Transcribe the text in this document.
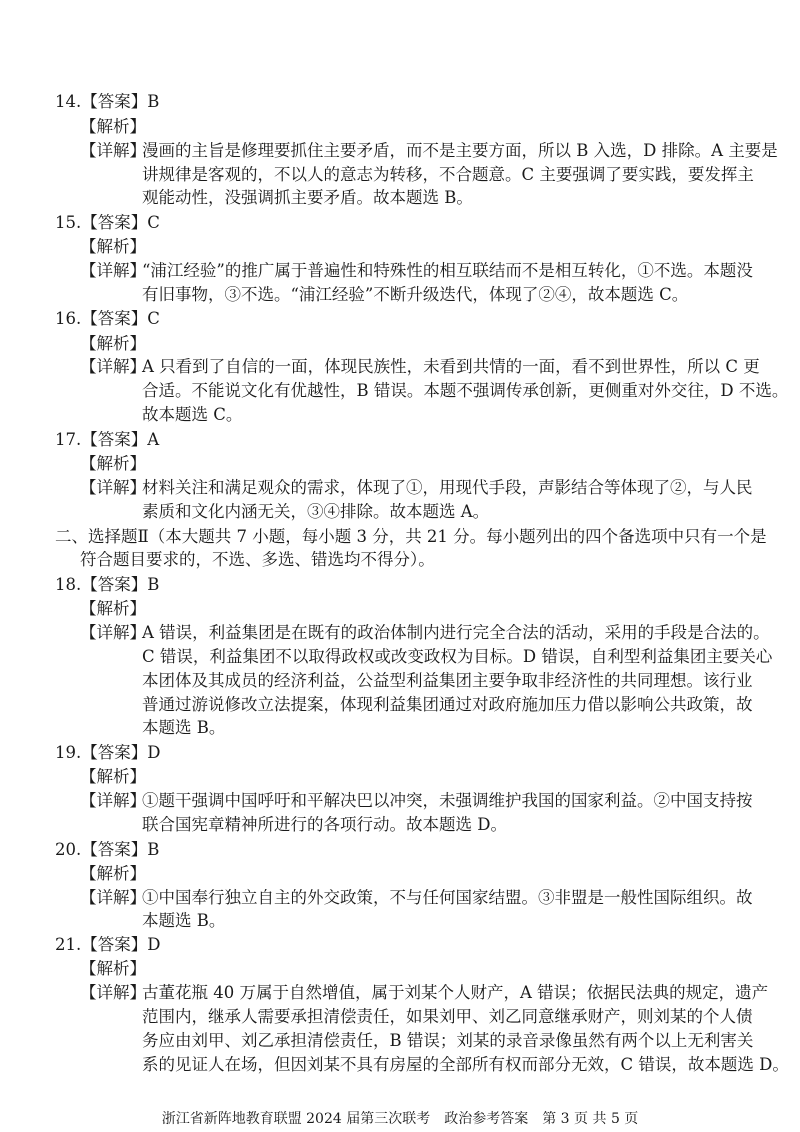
14.【答案】B
【解析】
【详解】
漫画的主旨是修理要抓住主要矛盾，而不是主要方面，所以 B 入选，D 排除。A 主要是
讲规律是客观的，不以人的意志为转移，不合题意。C 主要强调了要实践，要发挥主
观能动性，没强调抓主要矛盾。故本题选 B。
15.【答案】C
【解析】
【详解】
“浦江经验”的推广属于普遍性和特殊性的相互联结而不是相互转化，①不选。本题没
有旧事物，③不选。“浦江经验”不断升级迭代，体现了②④，故本题选 C。
16.【答案】C
【解析】
【详解】
A 只看到了自信的一面，体现民族性，未看到共情的一面，看不到世界性，所以 C 更
合适。不能说文化有优越性，B 错误。本题不强调传承创新，更侧重对外交往，D 不选。
故本题选 C。
17.【答案】A
【解析】
【详解】
材料关注和满足观众的需求，体现了①，用现代手段，声影结合等体现了②，与人民
素质和文化内涵无关，③④排除。故本题选 A。
二、选择题Ⅱ（本大题共 7 小题，每小题 3 分，共 21 分。每小题列出的四个备选项中只有一个是
符合题目要求的，不选、多选、错选均不得分）。
18.【答案】B
【解析】
【详解】
A 错误，利益集团是在既有的政治体制内进行完全合法的活动，采用的手段是合法的。
C 错误，利益集团不以取得政权或改变政权为目标。D 错误，自利型利益集团主要关心
本团体及其成员的经济利益，公益型利益集团主要争取非经济性的共同理想。该行业
普通过游说修改立法提案，体现利益集团通过对政府施加压力借以影响公共政策，故
本题选 B。
19.【答案】D
【解析】
【详解】
①题干强调中国呼吁和平解决巴以冲突，未强调维护我国的国家利益。②中国支持按
联合国宪章精神所进行的各项行动。故本题选 D。
20.【答案】B
【解析】
【详解】
①中国奉行独立自主的外交政策，不与任何国家结盟。③非盟是一般性国际组织。故
本题选 B。
21.【答案】D
【解析】
【详解】
古董花瓶 40 万属于自然增值，属于刘某个人财产，A 错误；依据民法典的规定，遗产
范围内，继承人需要承担清偿责任，如果刘甲、刘乙同意继承财产，则刘某的个人债
务应由刘甲、刘乙承担清偿责任，B 错误；刘某的录音录像虽然有两个以上无利害关
系的见证人在场，但因刘某不具有房屋的全部所有权而部分无效，C 错误，故本题选 D。
浙江省新阵地教育联盟 2024 届第三次联考　政治参考答案　第 3 页 共 5 页
